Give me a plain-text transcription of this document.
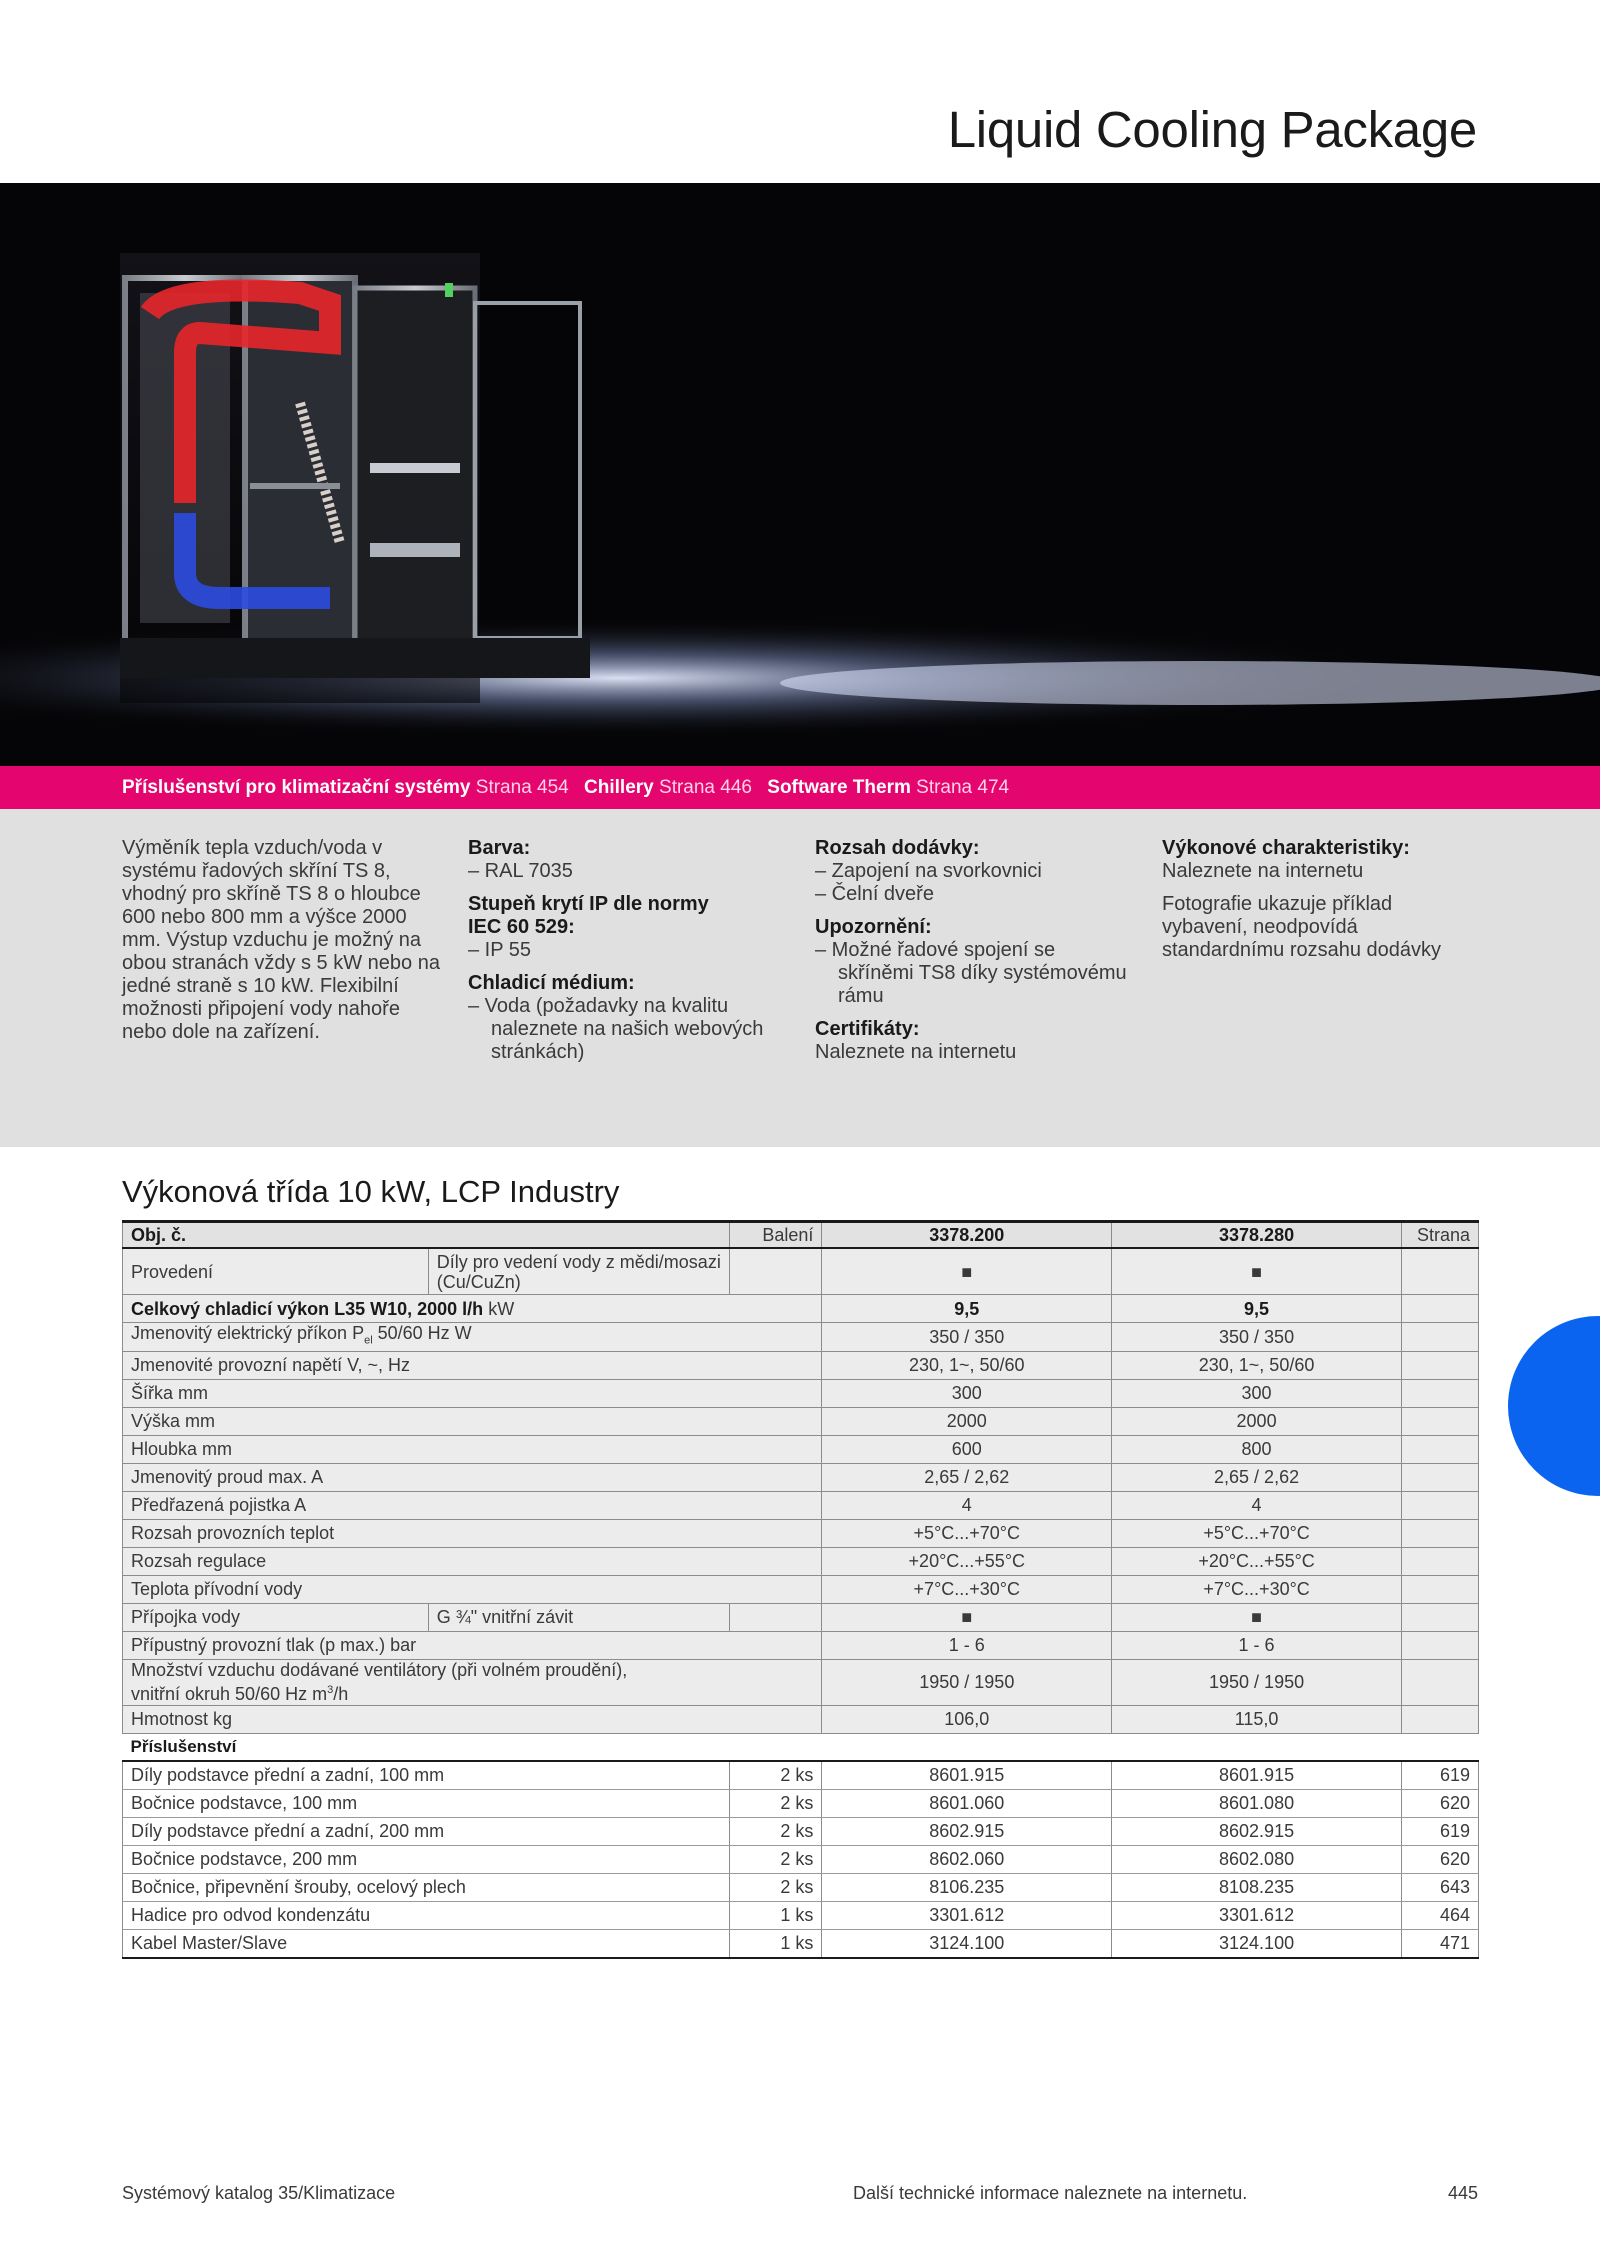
Liquid Cooling Package
Příslušenství pro klimatizační systémy Strana 454 Chillery Strana 446 Software Therm Strana 474

Výměník tepla vzduch/voda v systému řadových skříní TS 8, vhodný pro skříně TS 8 o hloubce 600 nebo 800 mm a výšce 2000 mm. Výstup vzduchu je možný na obou stranách vždy s 5 kW nebo na jedné straně s 10 kW. Flexibilní možnosti připojení vody nahoře nebo dole na zařízení.

Barva:

– RAL 7035

Stupeň krytí IP dle normy IEC 60 529:

– IP 55

Chladicí médium:

– Voda (požadavky na kvalitu naleznete na našich webových stránkách)

Rozsah dodávky:

– Zapojení na svorkovnici

– Čelní dveře

Upozornění:

– Možné řadové spojení se skříněmi TS8 díky systémovému rámu

Certifikáty:

Naleznete na internetu

Výkonové charakteristiky:

Naleznete na internetu

Fotografie ukazuje příklad vybavení, neodpovídá standardnímu rozsahu dodávky

Výkonová třída 10 kW, LCP Industry
Obj. č.		Balení	3378.200	3378.280	Strana
Provedení	Díly pro vedení vody z mědi/mosazi (Cu/CuZn)		■	■	
Celkový chladicí výkon L35 W10, 2000 l/h kW			9,5	9,5	
Jmenovitý elektrický příkon $P_{el}$ 50/60 Hz W			350 / 350	350 / 350	
Jmenovité provozní napětí V, ~, Hz			230, 1~, 50/60	230, 1~, 50/60	
Šířka mm			300	300	
Výška mm			2000	2000	
Hloubka mm			600	800	
Jmenovitý proud max. A			2,65 / 2,62	2,65 / 2,62	
Předřazená pojistka A			4	4	
Rozsah provozních teplot			+5°C...+70°C	+5°C...+70°C	
Rozsah regulace			+20°C...+55°C	+20°C...+55°C	
Teplota přívodní vody			+7°C...+30°C	+7°C...+30°C	
Přípojka vody	G ¾" vnitřní závit		■	■	
Přípustný provozní tlak (p max.) bar			1 - 6	1 - 6	
Množství vzduchu dodávané ventilátory (při volném proudění),
vnitřní okruh 50/60 Hz $m^3/h$			1950 / 1950	1950 / 1950	
Hmotnost kg			106,0	115,0	
Příslušenství					
Díly podstavce přední a zadní, 100 mm		2 ks	8601.915	8601.915	619
Bočnice podstavce, 100 mm		2 ks	8601.060	8601.080	620
Díly podstavce přední a zadní, 200 mm		2 ks	8602.915	8602.915	619
Bočnice podstavce, 200 mm		2 ks	8602.060	8602.080	620
Bočnice, připevnění šrouby, ocelový plech		2 ks	8106.235	8108.235	643
Hadice pro odvod kondenzátu		1 ks	3301.612	3301.612	464
Kabel Master/Slave		1 ks	3124.100	3124.100	471
Systémový katalog 35/Klimatizace	Další technické informace naleznete na internetu.	445
